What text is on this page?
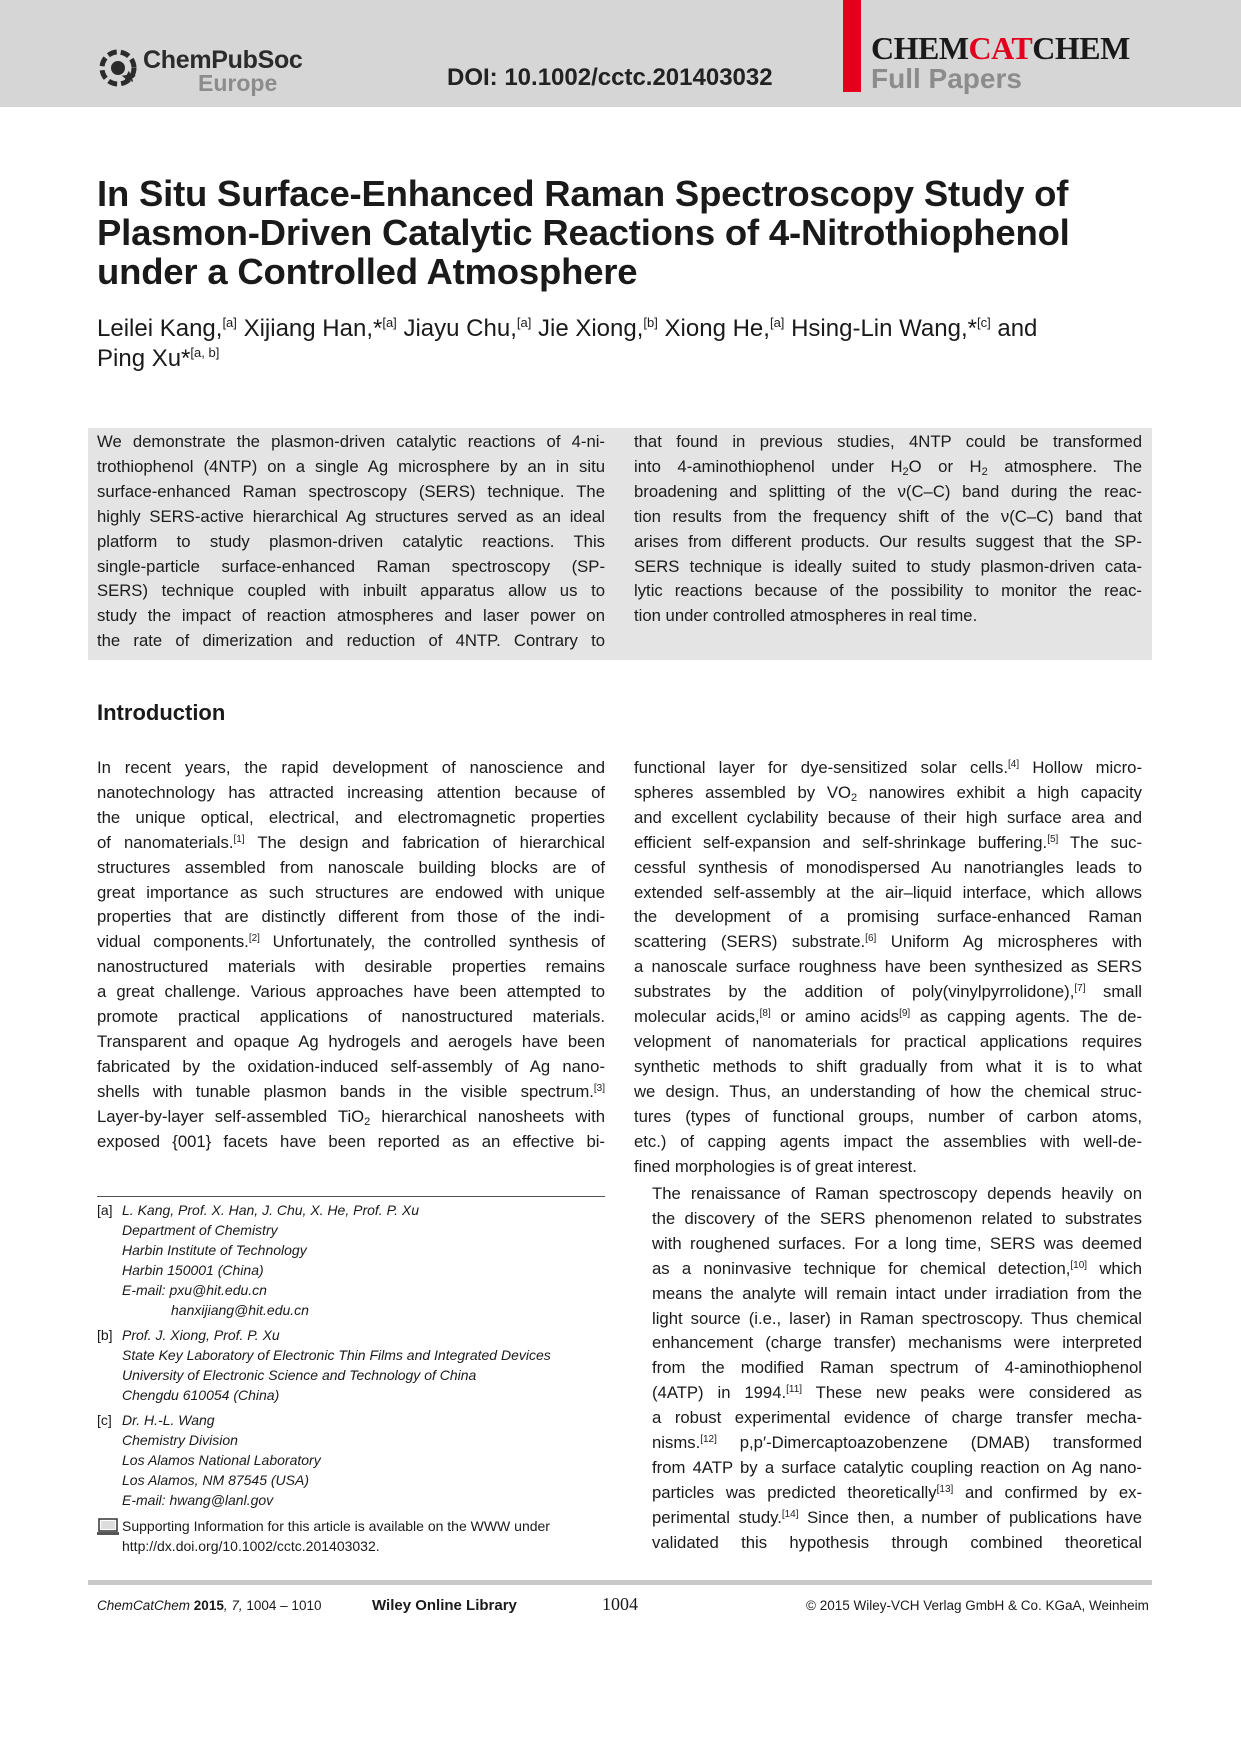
ChemPubSoc
Europe	DOI: 10.1002/cctc.201403032
CHEMCATCHEM
Full Papers
In Situ Surface-Enhanced Raman Spectroscopy Study of
Plasmon-Driven Catalytic Reactions of 4-Nitrothiophenol
under a Controlled Atmosphere
Leilei Kang,[a] Xijiang Han,*[a] Jiayu Chu,[a] Jie Xiong,[b] Xiong He,[a] Hsing-Lin Wang,*[c] and
Ping Xu*[a, b]
We demonstrate the plasmon-driven catalytic reactions of 4-ni-
trothiophenol (4NTP) on a single Ag microsphere by an in situ
surface-enhanced Raman spectroscopy (SERS) technique. The
highly SERS-active hierarchical Ag structures served as an ideal
platform to study plasmon-driven catalytic reactions. This
single-particle surface-enhanced Raman spectroscopy (SP-
SERS) technique coupled with inbuilt apparatus allow us to
study the impact of reaction atmospheres and laser power on
the rate of dimerization and reduction of 4NTP. Contrary to
that found in previous studies, 4NTP could be transformed
into 4-aminothiophenol under $H_2O$ or $H_2$ atmosphere. The
broadening and splitting of the ν(C–C) band during the reac-
tion results from the frequency shift of the ν(C–C) band that
arises from different products. Our results suggest that the SP-
SERS technique is ideally suited to study plasmon-driven cata-
lytic reactions because of the possibility to monitor the reac-
tion under controlled atmospheres in real time.
Introduction
In recent years, the rapid development of nanoscience and
nanotechnology has attracted increasing attention because of
the unique optical, electrical, and electromagnetic properties
of nanomaterials.[1] The design and fabrication of hierarchical
structures assembled from nanoscale building blocks are of
great importance as such structures are endowed with unique
properties that are distinctly different from those of the indi-
vidual components.[2] Unfortunately, the controlled synthesis of
nanostructured materials with desirable properties remains
a great challenge. Various approaches have been attempted to
promote practical applications of nanostructured materials.
Transparent and opaque Ag hydrogels and aerogels have been
fabricated by the oxidation-induced self-assembly of Ag nano-
shells with tunable plasmon bands in the visible spectrum.[3]
Layer-by-layer self-assembled TiO$_2$ hierarchical nanosheets with
exposed {001} facets have been reported as an effective bi-
functional layer for dye-sensitized solar cells.[4] Hollow micro-
spheres assembled by $VO_2$ nanowires exhibit a high capacity
and excellent cyclability because of their high surface area and
efficient self-expansion and self-shrinkage buffering.[5] The suc-
cessful synthesis of monodispersed Au nanotriangles leads to
extended self-assembly at the air–liquid interface, which allows
the development of a promising surface-enhanced Raman
scattering (SERS) substrate.[6] Uniform Ag microspheres with
a nanoscale surface roughness have been synthesized as SERS
substrates by the addition of poly(vinylpyrrolidone),[7] small
molecular acids,[8] or amino acids[9] as capping agents. The de-
velopment of nanomaterials for practical applications requires
synthetic methods to shift gradually from what it is to what
we design. Thus, an understanding of how the chemical struc-
tures (types of functional groups, number of carbon atoms,
etc.) of capping agents impact the assemblies with well-de-
fined morphologies is of great interest.
The renaissance of Raman spectroscopy depends heavily on
the discovery of the SERS phenomenon related to substrates
with roughened surfaces. For a long time, SERS was deemed
as a noninvasive technique for chemical detection,[10] which
means the analyte will remain intact under irradiation from the
light source (i.e., laser) in Raman spectroscopy. Thus chemical
enhancement (charge transfer) mechanisms were interpreted
from the modified Raman spectrum of 4-aminothiophenol
(4ATP) in 1994.[11] These new peaks were considered as
a robust experimental evidence of charge transfer mecha-
nisms.[12] p,p′-Dimercaptoazobenzene (DMAB) transformed
from 4ATP by a surface catalytic coupling reaction on Ag nano-
particles was predicted theoretically[13] and confirmed by ex-
perimental study.[14] Since then, a number of publications have
validated this hypothesis through combined theoretical
[a] L. Kang, Prof. X. Han, J. Chu, X. He, Prof. P. Xu
Department of Chemistry
Harbin Institute of Technology
Harbin 150001 (China)
E-mail: pxu@hit.edu.cn
hanxijiang@hit.edu.cn
[b] Prof. J. Xiong, Prof. P. Xu
State Key Laboratory of Electronic Thin Films and Integrated Devices
University of Electronic Science and Technology of China
Chengdu 610054 (China)
[c] Dr. H.-L. Wang
Chemistry Division
Los Alamos National Laboratory
Los Alamos, NM 87545 (USA)
E-mail: hwang@lanl.gov
Supporting Information for this article is available on the WWW under
http://dx.doi.org/10.1002/cctc.201403032.
ChemCatChem 2015, 7, 1004 – 1010	Wiley Online Library	1004	© 2015 Wiley-VCH Verlag GmbH & Co. KGaA, Weinheim
